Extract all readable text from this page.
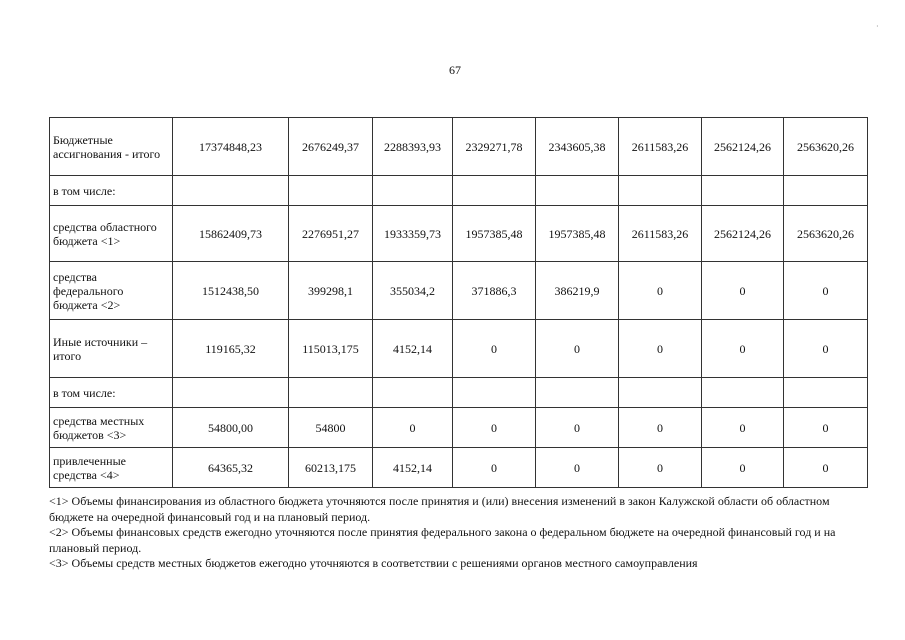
·
67
Бюджетные ассигнования - итого	17374848,23	2676249,37	2288393,93	2329271,78	2343605,38	2611583,26	2562124,26	2563620,26
в том числе:								
средства областного бюджета <1>	15862409,73	2276951,27	1933359,73	1957385,48	1957385,48	2611583,26	2562124,26	2563620,26
средства федерального бюджета <2>	1512438,50	399298,1	355034,2	371886,3	386219,9	0	0	0
Иные источники – итого	119165,32	115013,175	4152,14	0	0	0	0	0
в том числе:								
средства местных бюджетов <3>	54800,00	54800	0	0	0	0	0	0
привлеченные средства <4>	64365,32	60213,175	4152,14	0	0	0	0	0

<1> Объемы финансирования из областного бюджета уточняются после принятия и (или) внесения изменений в закон Калужской области об областном бюджете на очередной финансовый год и на плановый период.

<2> Объемы финансовых средств ежегодно уточняются после принятия федерального закона о федеральном бюджете на очередной финансовый год и на плановый период.

<3> Объемы средств местных бюджетов ежегодно уточняются в соответствии с решениями органов местного самоуправления
